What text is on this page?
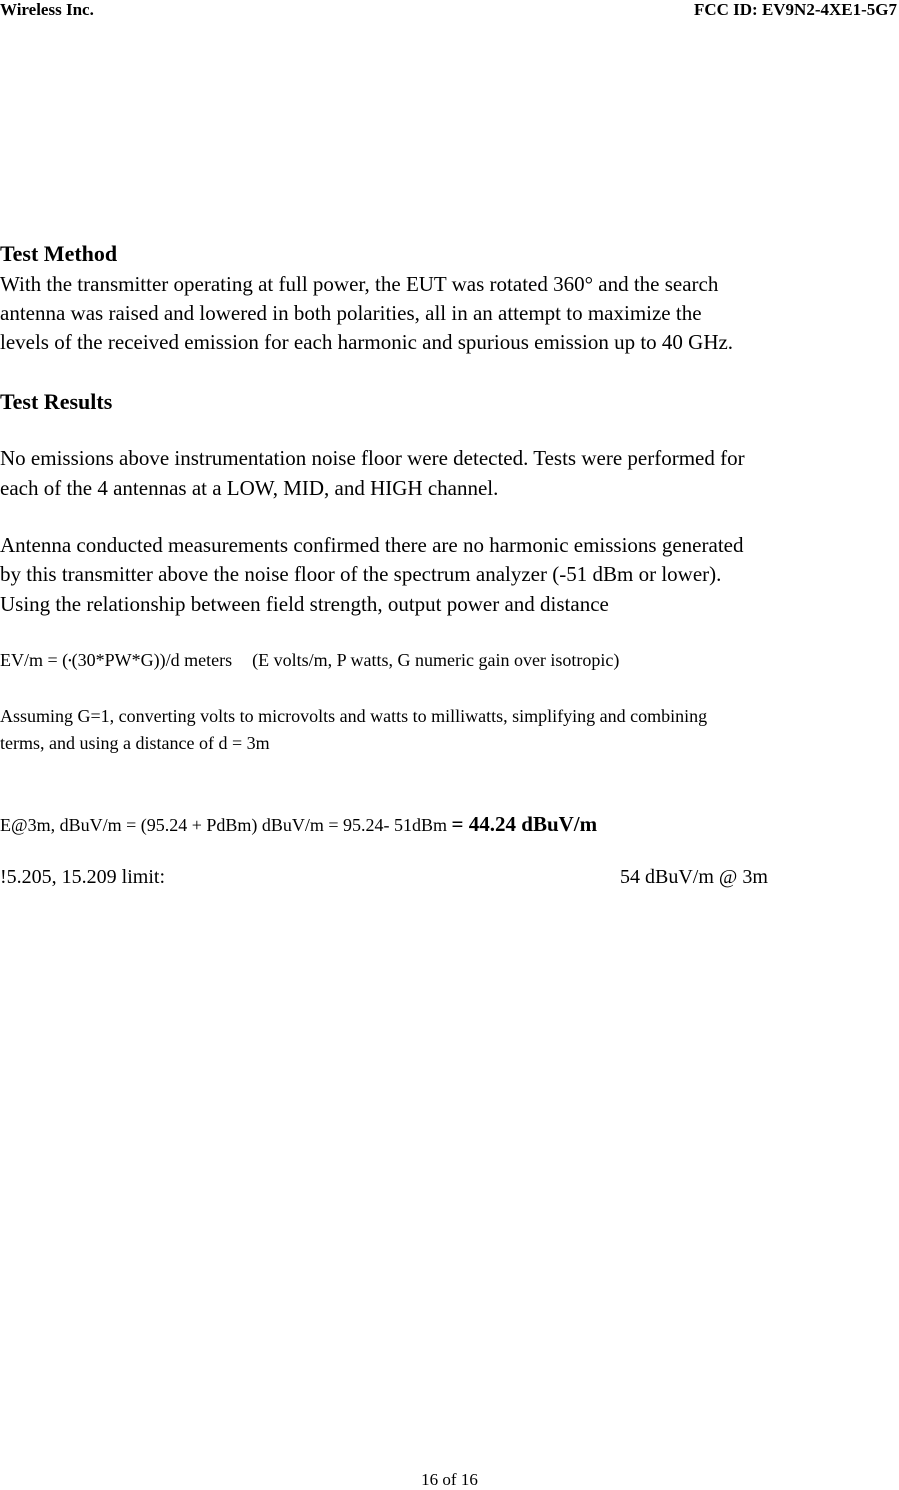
Wireless Inc.	FCC ID: EV9N2-4XE1-5G7
Test Method
With the transmitter operating at full power, the EUT was rotated 360° and the search
antenna was raised and lowered in both polarities, all in an attempt to maximize the
levels of the received emission for each harmonic and spurious emission up to 40 GHz.
Test Results
No emissions above instrumentation noise floor were detected. Tests were performed for
each of the 4 antennas at a LOW, MID, and HIGH channel.
Antenna conducted measurements confirmed there are no harmonic emissions generated
by this transmitter above the noise floor of the spectrum analyzer (-51 dBm or lower).
Using the relationship between field strength, output power and distance
EV/m = (•(30*PW*G))/d meters (E volts/m, P watts, G numeric gain over isotropic)
Assuming G=1, converting volts to microvolts and watts to milliwatts, simplifying and combining
terms, and using a distance of d = 3m
E@3m, dBuV/m = (95.24 + PdBm) dBuV/m = 95.24- 51dBm = 44.24 dBuV/m
!5.205, 15.209 limit:	54 dBuV/m @ 3m
16 of 16
